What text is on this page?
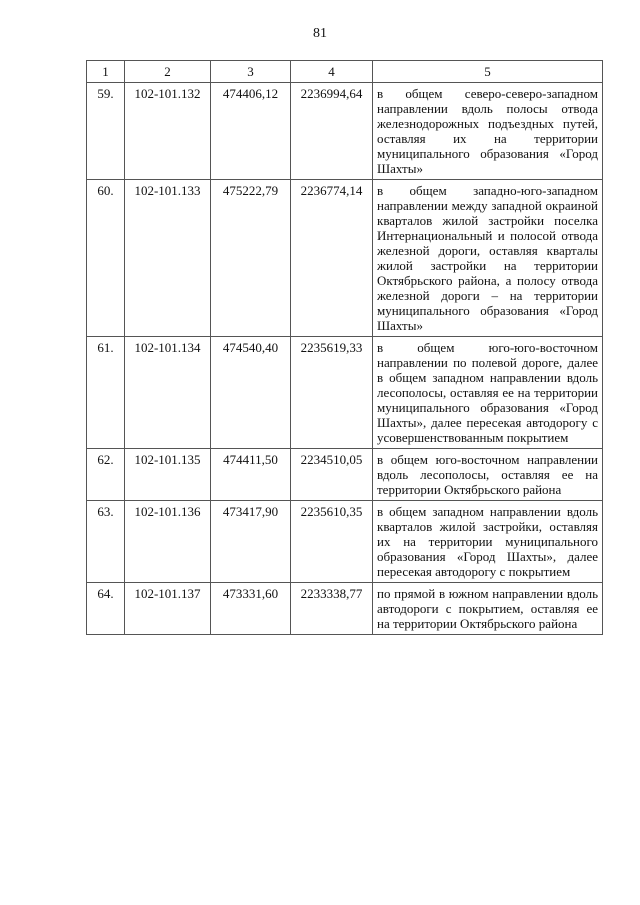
81
1	2	3	4	5
59.	102-101.132	474406,12	2236994,64	в общем северо-северо-западном направлении вдоль полосы отвода железнодорожных подъездных путей, оставляя их на территории муниципального образования «Город Шахты»
60.	102-101.133	475222,79	2236774,14	в общем западно-юго-западном направлении между западной окраиной кварталов жилой застройки поселка Интернациональный и полосой отвода железной дороги, оставляя кварталы жилой застройки на территории Октябрьского района, а полосу отвода железной дороги – на территории муниципального образования «Город Шахты»
61.	102-101.134	474540,40	2235619,33	в общем юго-юго-восточном направлении по полевой дороге, далее в общем западном направлении вдоль лесополосы, оставляя ее на территории муниципального образования «Город Шахты», далее пересекая автодорогу с усовершенствованным покрытием
62.	102-101.135	474411,50	2234510,05	в общем юго-восточном направлении вдоль лесополосы, оставляя ее на территории Октябрьского района
63.	102-101.136	473417,90	2235610,35	в общем западном направлении вдоль кварталов жилой застройки, оставляя их на территории муниципального образования «Город Шахты», далее пересекая автодорогу с покрытием
64.	102-101.137	473331,60	2233338,77	по прямой в южном направлении вдоль автодороги с покрытием, оставляя ее на территории Октябрьского района
